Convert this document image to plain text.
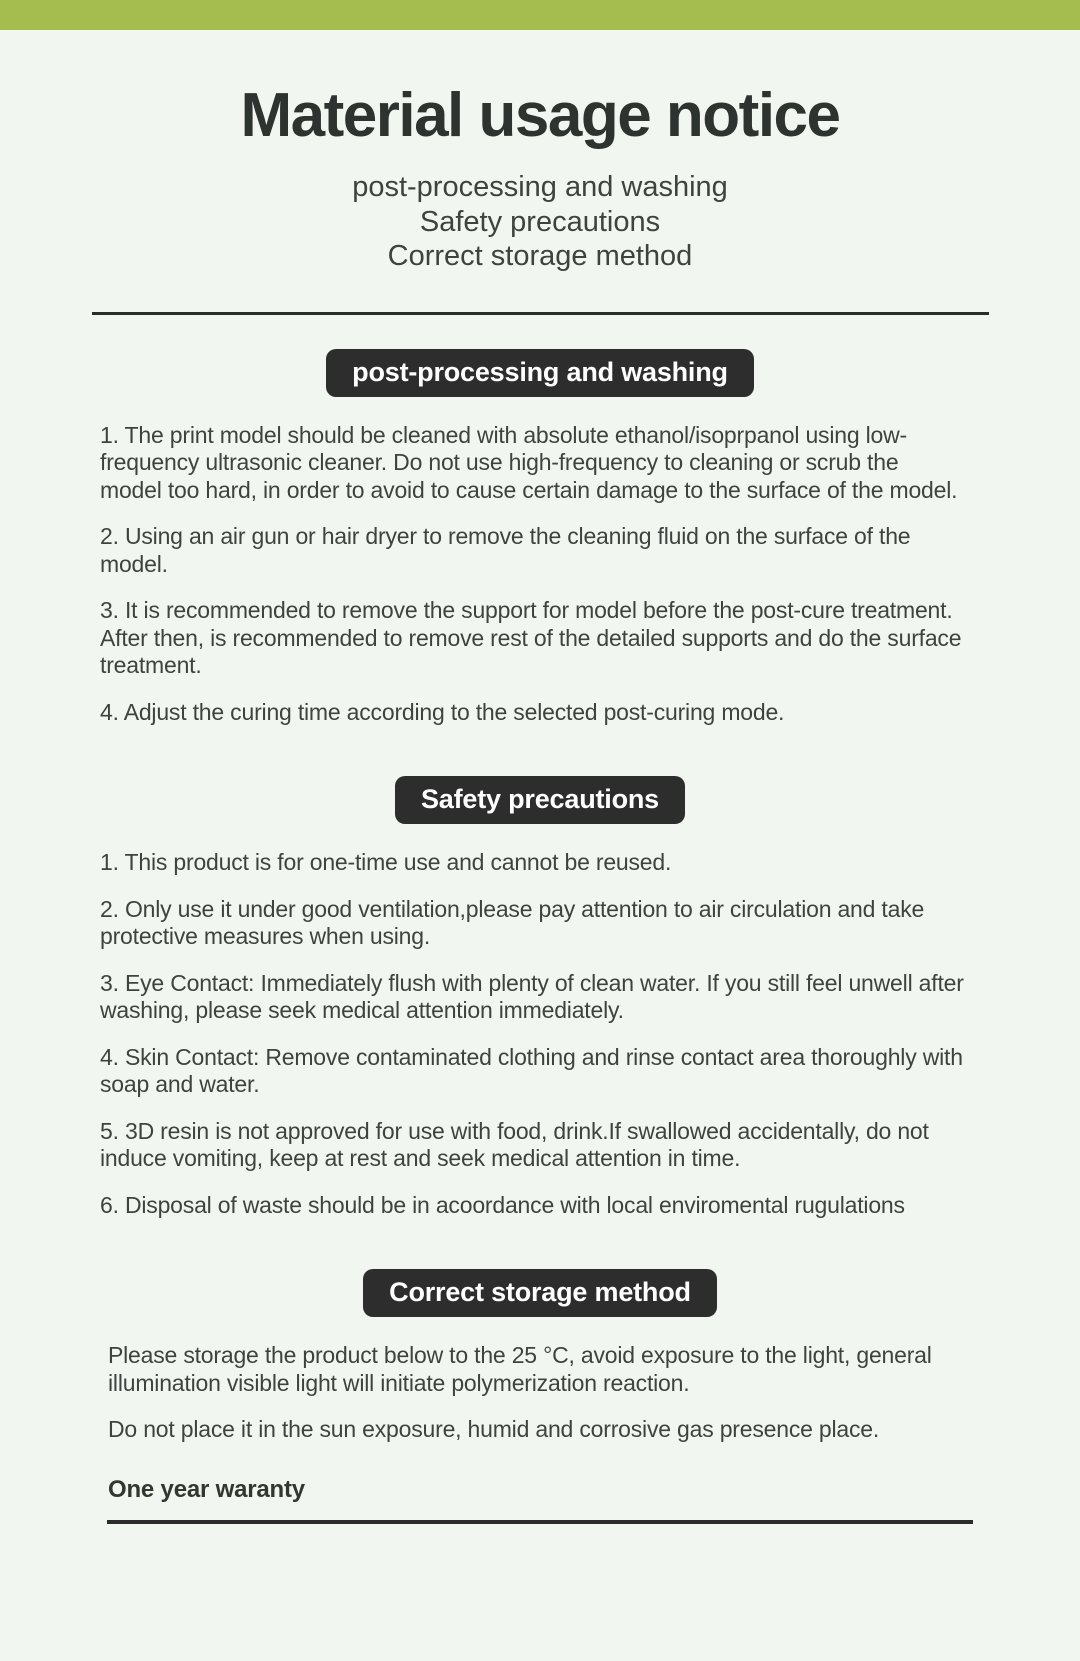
Material usage notice
post-processing and washing
Safety precautions
Correct storage method
post-processing and washing

1. The print model should be cleaned with absolute ethanol/isoprpanol using low-frequency ultrasonic cleaner. Do not use high-frequency to cleaning or scrub the model too hard, in order to avoid to cause certain damage to the surface of the model.

2. Using an air gun or hair dryer to remove the cleaning fluid on the surface of the model.

3. It is recommended to remove the support for model before the post-cure treatment. After then, is recommended to remove rest of the detailed supports and do the surface treatment.

4. Adjust the curing time according to the selected post-curing mode.

Safety precautions

1. This product is for one-time use and cannot be reused.

2. Only use it under good ventilation,please pay attention to air circulation and take protective measures when using.

3. Eye Contact: Immediately flush with plenty of clean water. If you still feel unwell after washing, please seek medical attention immediately.

4. Skin Contact: Remove contaminated clothing and rinse contact area thoroughly with soap and water.

5. 3D resin is not approved for use with food, drink.If swallowed accidentally, do not induce vomiting, keep at rest and seek medical attention in time.

6. Disposal of waste should be in acoordance with local enviromental rugulations

Correct storage method

Please storage the product below to the 25 °C, avoid exposure to the light, general illumination visible light will initiate polymerization reaction.

Do not place it in the sun exposure, humid and corrosive gas presence place.

One year waranty
